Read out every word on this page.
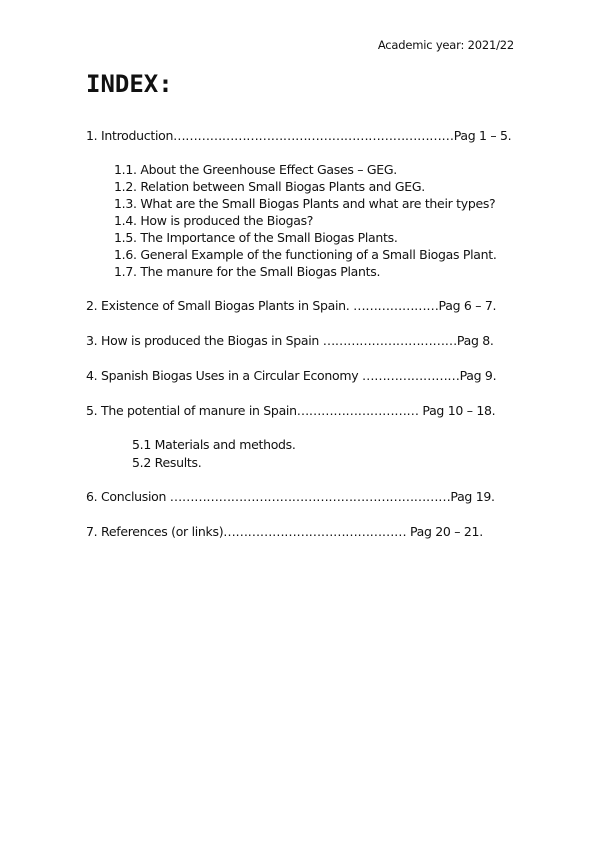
Academic year: 2021/22
INDEX:
1. Introduction……………………………………………………………Pag 1 – 5.
1.1. About the Greenhouse Effect Gases – GEG.
1.2. Relation between Small Biogas Plants and GEG.
1.3. What are the Small Biogas Plants and what are their types?
1.4. How is produced the Biogas?
1.5. The Importance of the Small Biogas Plants.
1.6. General Example of the functioning of a Small Biogas Plant.
1.7. The manure for the Small Biogas Plants.
2. Existence of Small Biogas Plants in Spain. …………………Pag 6 – 7.
3. How is produced the Biogas in Spain ……………………………Pag 8.
4. Spanish Biogas Uses in a Circular Economy ……………………Pag 9.
5. The potential of manure in Spain………………………… Pag 10 – 18.
5.1 Materials and methods.
5.2 Results.
6. Conclusion ……………………………………………………………Pag 19.
7. References (or links)……………………………………… Pag 20 – 21.
